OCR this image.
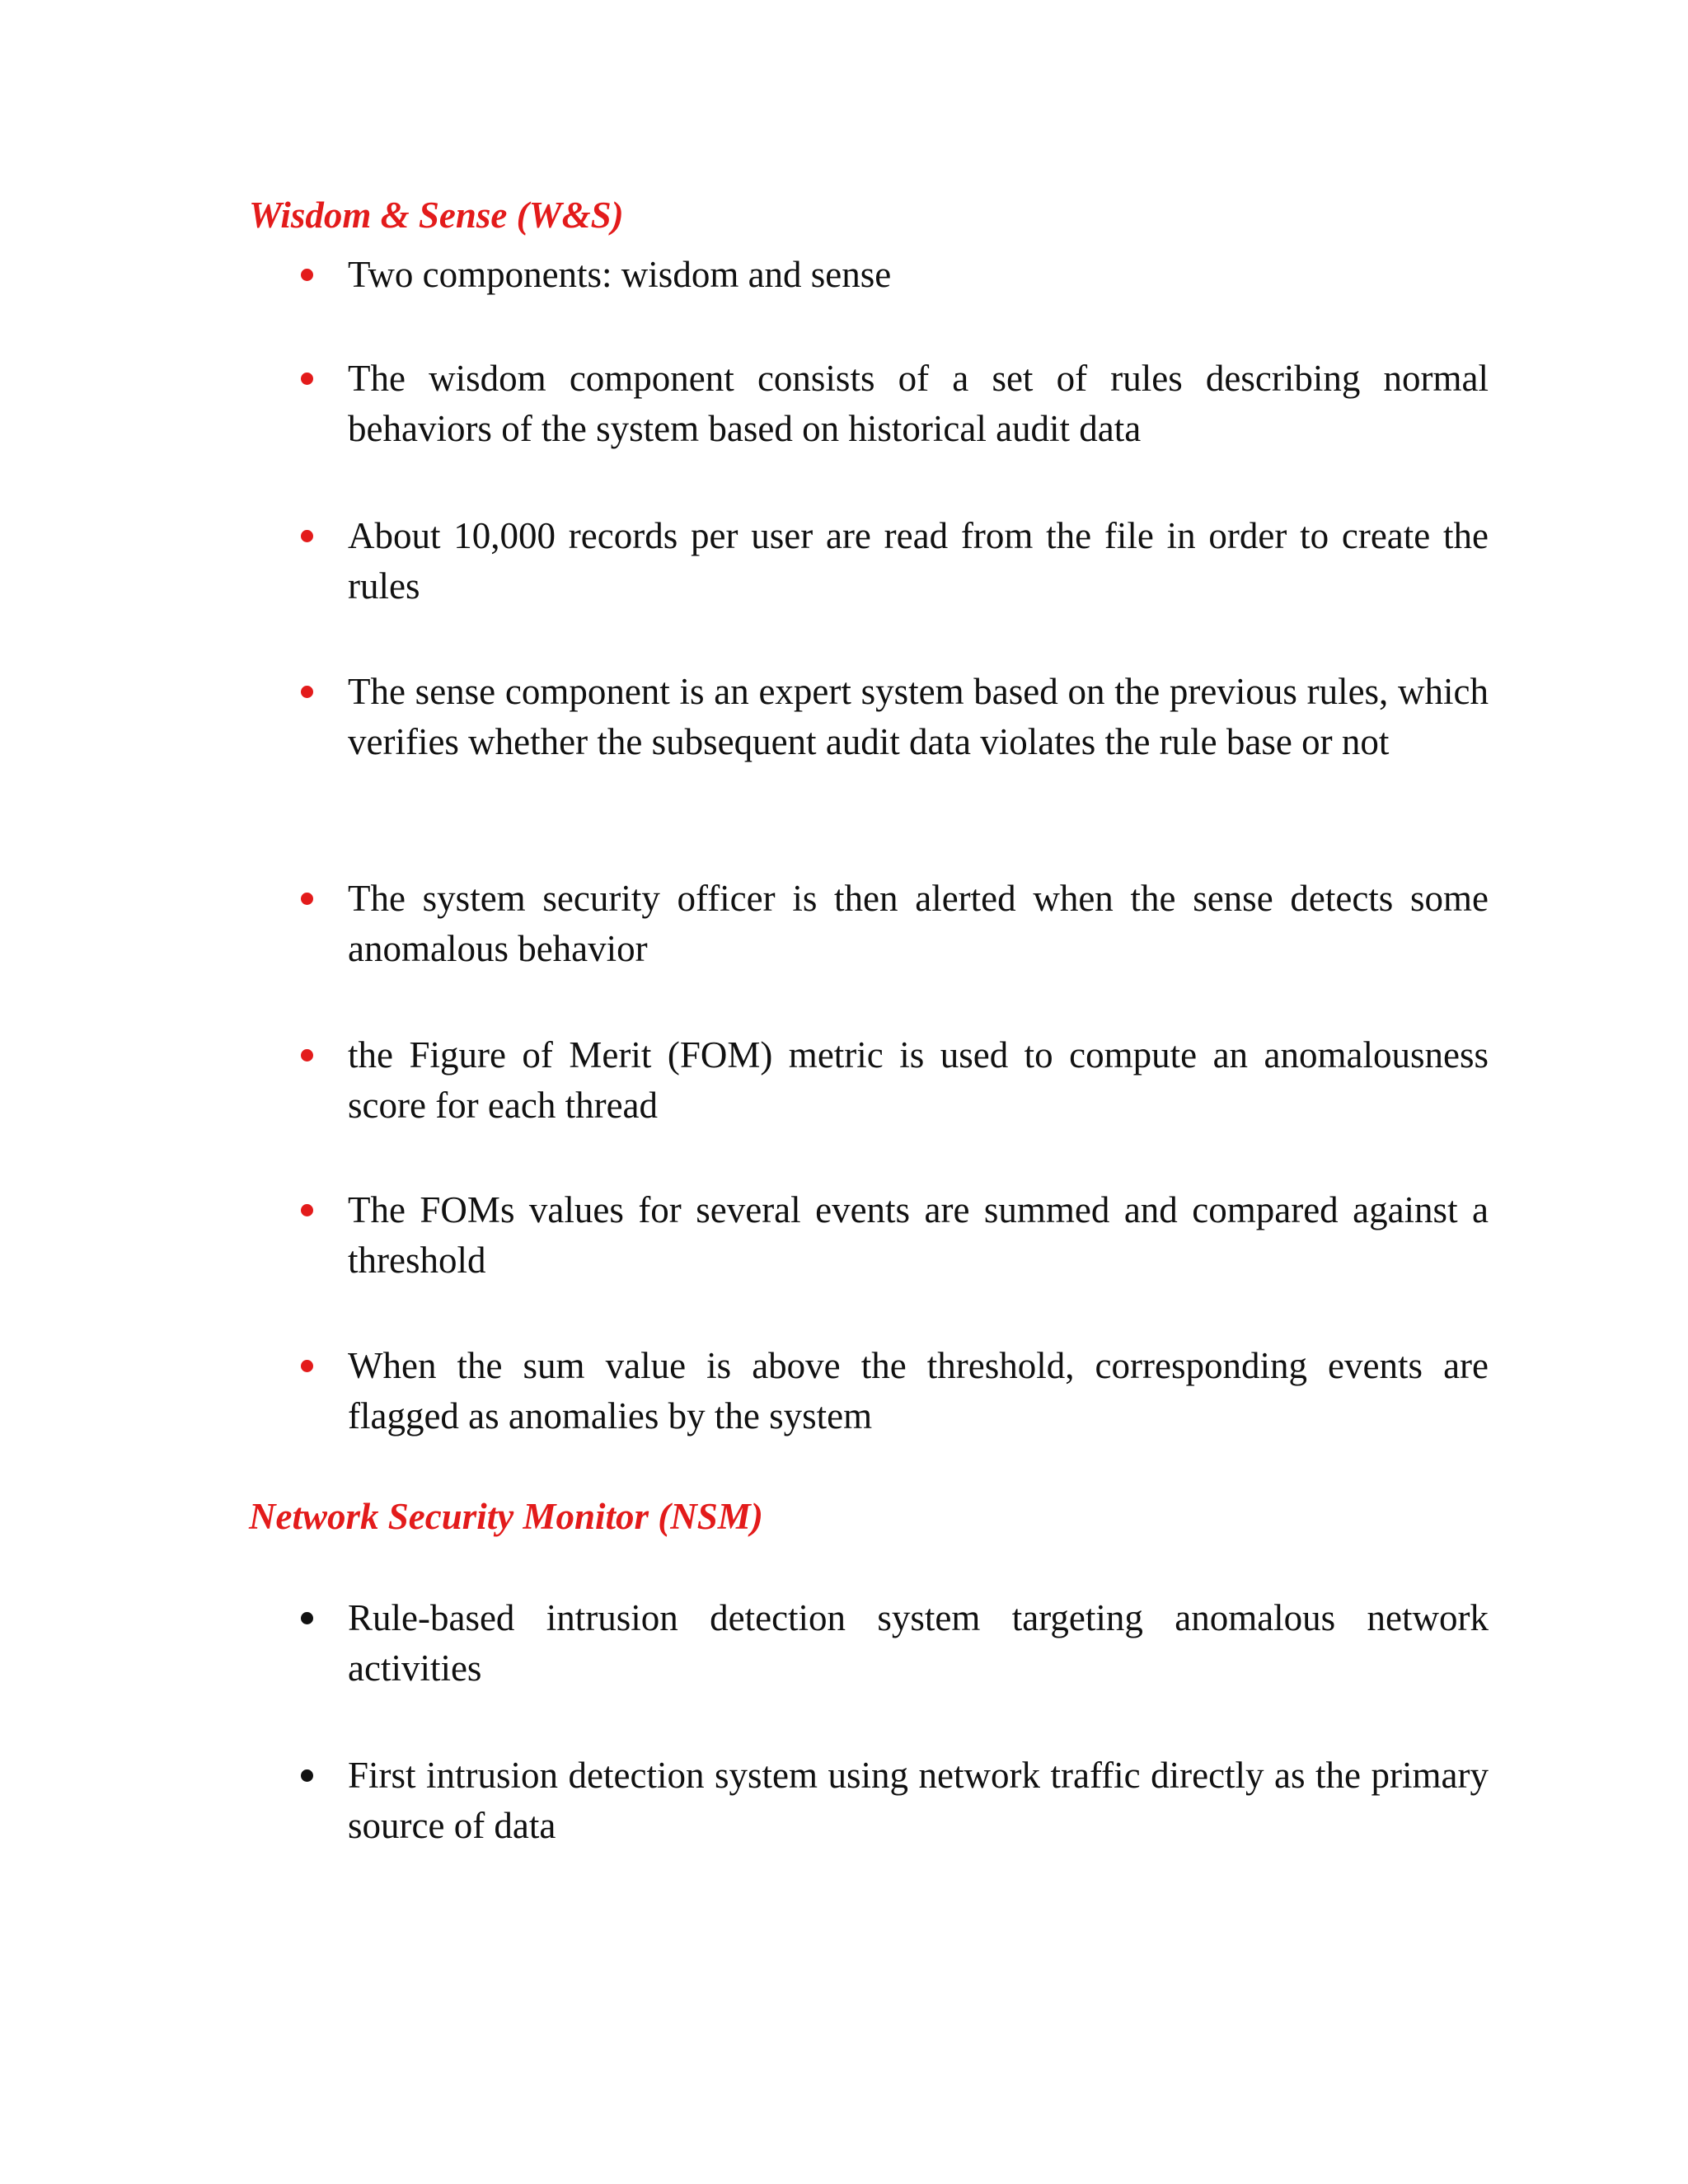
Wisdom & Sense (W&S)
Two components: wisdom and sense
The wisdom component consists of a set of rules describing normal behaviors of the system based on historical audit data
About 10,000 records per user are read from the file in order to create the rules
The sense component is an expert system based on the previous rules, which verifies whether the subsequent audit data violates the rule base or not
The system security officer is then alerted when the sense detects some anomalous behavior
the Figure of Merit (FOM) metric is used to compute an anomalousness score for each thread
The FOMs values for several events are summed and compared against a threshold
When the sum value is above the threshold, corresponding events are flagged as anomalies by the system
Network Security Monitor (NSM)
Rule-based intrusion detection system targeting anomalous network activities
First intrusion detection system using network traffic directly as the primary source of data
